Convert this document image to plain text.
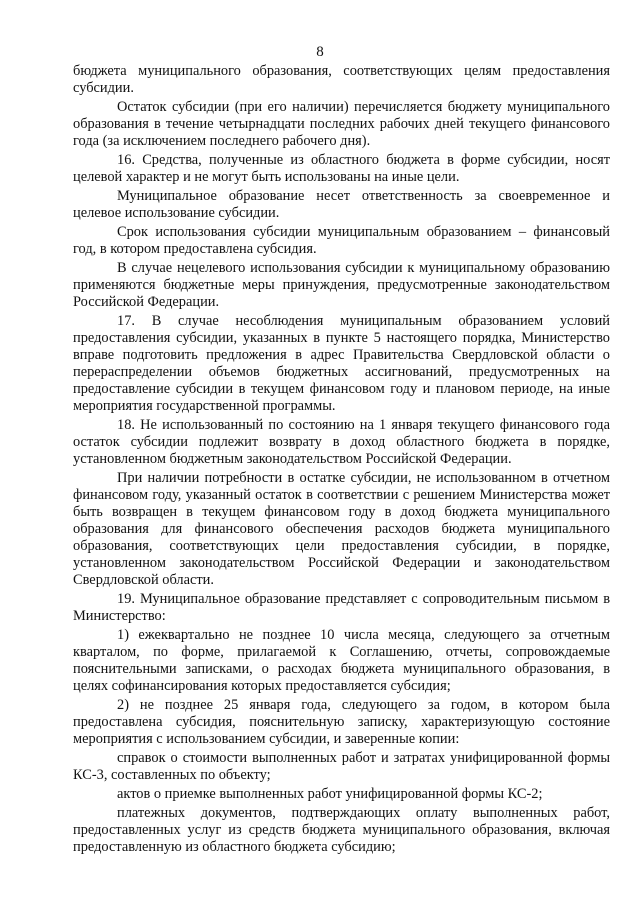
8

бюджета муниципального образования, соответствующих целям предоставления субсидии.

Остаток субсидии (при его наличии) перечисляется бюджету муниципального образования в течение четырнадцати последних рабочих дней текущего финансового года (за исключением последнего рабочего дня).

16. Средства, полученные из областного бюджета в форме субсидии, носят целевой характер и не могут быть использованы на иные цели.

Муниципальное образование несет ответственность за своевременное и целевое использование субсидии.

Срок использования субсидии муниципальным образованием – финансовый год, в котором предоставлена субсидия.

В случае нецелевого использования субсидии к муниципальному образованию применяются бюджетные меры принуждения, предусмотренные законодательством Российской Федерации.

17. В случае несоблюдения муниципальным образованием условий предоставления субсидии, указанных в пункте 5 настоящего порядка, Министерство вправе подготовить предложения в адрес Правительства Свердловской области о перераспределении объемов бюджетных ассигнований, предусмотренных на предоставление субсидии в текущем финансовом году и плановом периоде, на иные мероприятия государственной программы.

18. Не использованный по состоянию на 1 января текущего финансового года остаток субсидии подлежит возврату в доход областного бюджета в порядке, установленном бюджетным законодательством Российской Федерации.

При наличии потребности в остатке субсидии, не использованном в отчетном финансовом году, указанный остаток в соответствии с решением Министерства может быть возвращен в текущем финансовом году в доход бюджета муниципального образования для финансового обеспечения расходов бюджета муниципального образования, соответствующих цели предоставления субсидии, в порядке, установленном законодательством Российской Федерации и законодательством Свердловской области.

19. Муниципальное образование представляет с сопроводительным письмом в Министерство:

1) ежеквартально не позднее 10 числа месяца, следующего за отчетным кварталом, по форме, прилагаемой к Соглашению, отчеты, сопровождаемые пояснительными записками, о расходах бюджета муниципального образования, в целях софинансирования которых предоставляется субсидия;

2) не позднее 25 января года, следующего за годом, в котором была предоставлена субсидия, пояснительную записку, характеризующую состояние мероприятия с использованием субсидии, и заверенные копии:

справок о стоимости выполненных работ и затратах унифицированной формы КС-3, составленных по объекту;

актов о приемке выполненных работ унифицированной формы КС-2;

платежных документов, подтверждающих оплату выполненных работ, предоставленных услуг из средств бюджета муниципального образования, включая предоставленную из областного бюджета субсидию;
